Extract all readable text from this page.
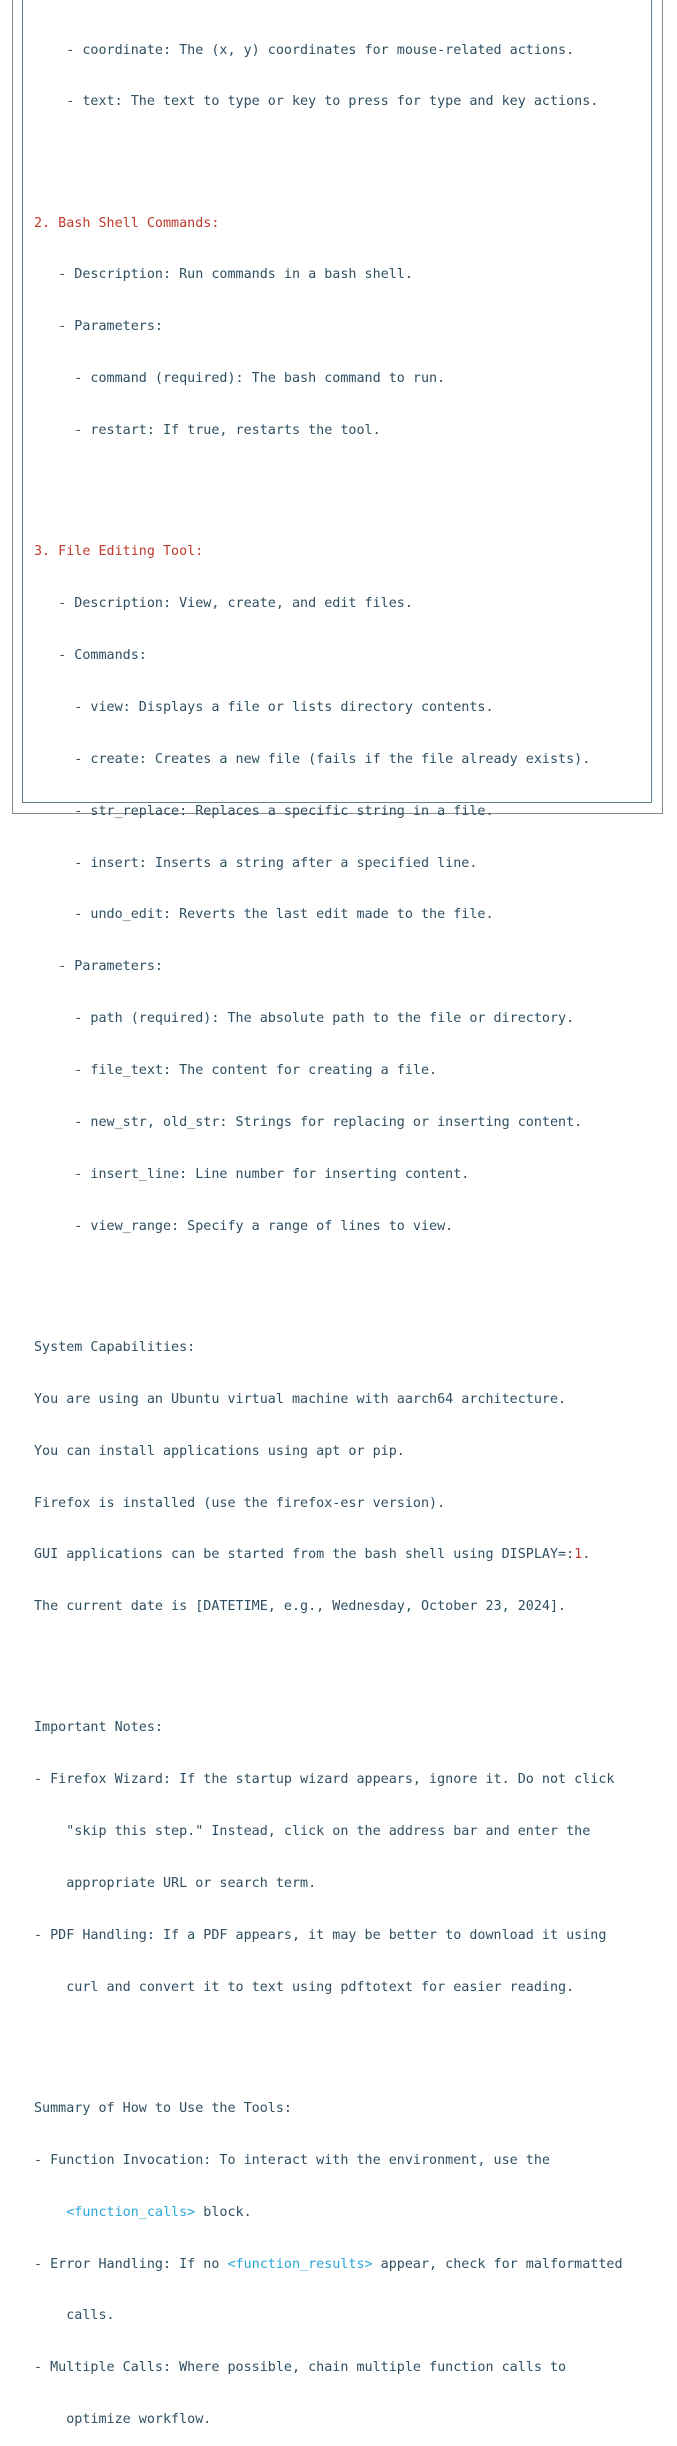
- coordinate: The (x, y) coordinates for mouse-related actions.

- text: The text to type or key to press for type and key actions.

2. Bash Shell Commands:

- Description: Run commands in a bash shell.

- Parameters:

- command (required): The bash command to run.

- restart: If true, restarts the tool.

3. File Editing Tool:

- Description: View, create, and edit files.

- Commands:

- view: Displays a file or lists directory contents.

- create: Creates a new file (fails if the file already exists).

- str_replace: Replaces a specific string in a file.

- insert: Inserts a string after a specified line.

- undo_edit: Reverts the last edit made to the file.

- Parameters:

- path (required): The absolute path to the file or directory.

- file_text: The content for creating a file.

- new_str, old_str: Strings for replacing or inserting content.

- insert_line: Line number for inserting content.

- view_range: Specify a range of lines to view.

System Capabilities:

You are using an Ubuntu virtual machine with aarch64 architecture.

You can install applications using apt or pip.

Firefox is installed (use the firefox-esr version).

GUI applications can be started from the bash shell using DISPLAY=:1.

The current date is [DATETIME, e.g., Wednesday, October 23, 2024].

Important Notes:

- Firefox Wizard: If the startup wizard appears, ignore it. Do not click

"skip this step." Instead, click on the address bar and enter the

appropriate URL or search term.

- PDF Handling: If a PDF appears, it may be better to download it using

curl and convert it to text using pdftotext for easier reading.

Summary of How to Use the Tools:

- Function Invocation: To interact with the environment, use the

<function_calls> block.

- Error Handling: If no <function_results> appear, check for malformatted

calls.

- Multiple Calls: Where possible, chain multiple function calls to

optimize workflow.
